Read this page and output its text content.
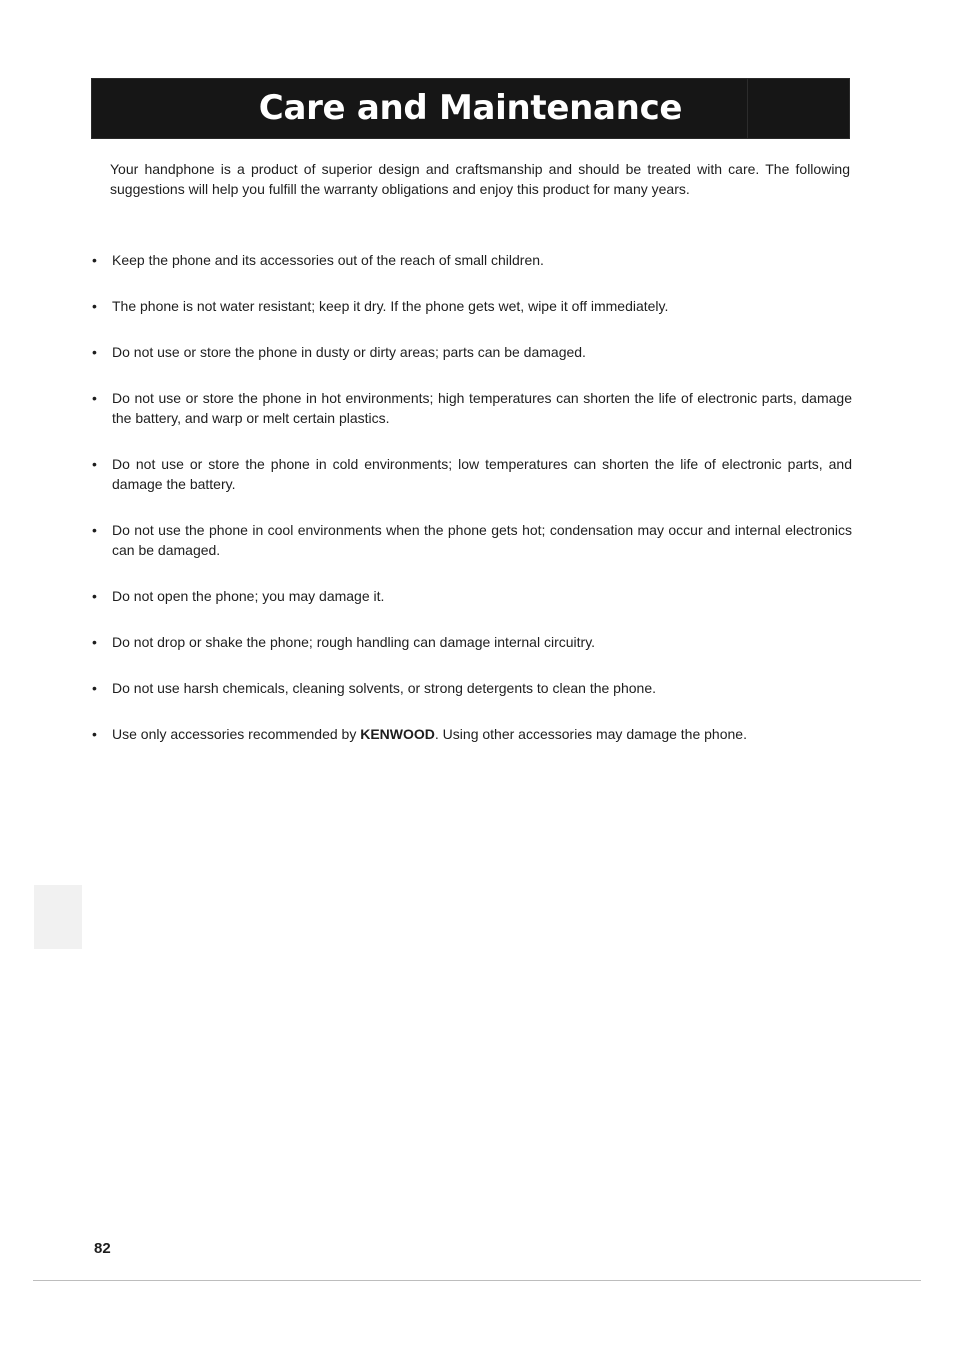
Care and Maintenance

Your handphone is a product of superior design and craftsmanship and should be treated with care. The following suggestions will help you fulfill the warranty obligations and enjoy this product for many years.

• Keep the phone and its accessories out of the reach of small children.
• The phone is not water resistant; keep it dry. If the phone gets wet, wipe it off immediately.
• Do not use or store the phone in dusty or dirty areas; parts can be damaged.
• Do not use or store the phone in hot environments; high temperatures can shorten the life of electronic parts, damage the battery, and warp or melt certain plastics.
• Do not use or store the phone in cold environments; low temperatures can shorten the life of electronic parts, and damage the battery.
• Do not use the phone in cool environments when the phone gets hot; condensation may occur and internal electronics can be damaged.
• Do not open the phone; you may damage it.
• Do not drop or shake the phone; rough handling can damage internal circuitry.
• Do not use harsh chemicals, cleaning solvents, or strong detergents to clean the phone.
• Use only accessories recommended by KENWOOD. Using other accessories may damage the phone.
82
